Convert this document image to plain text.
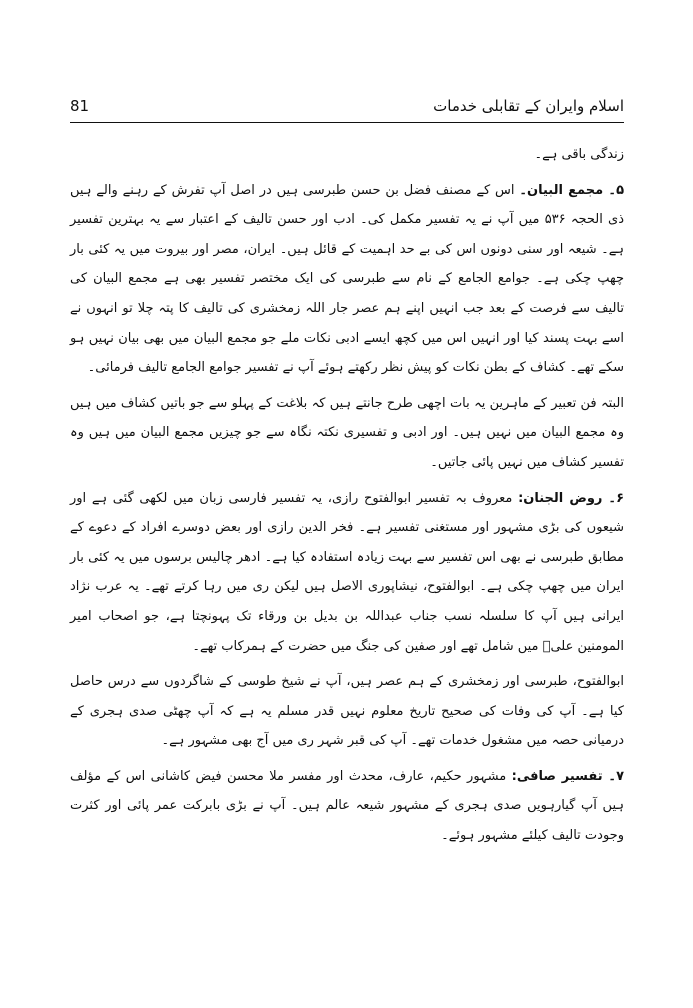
اسلام وایران کے تقابلی خدمات
81

زندگی باقی ہے۔

۵۔ مجمع البیان۔ اس کے مصنف فضل بن حسن طبرسی ہیں در اصل آپ تفرش کے رہنے والے ہیں ذی الحجہ ۵۳۶ میں آپ نے یہ تفسیر مکمل کی۔ ادب اور حسن تالیف کے اعتبار سے یہ بہترین تفسیر ہے۔ شیعہ اور سنی دونوں اس کی بے حد اہمیت کے قائل ہیں۔ ایران، مصر اور بیروت میں یہ کئی بار چھپ چکی ہے۔ جوامع الجامع کے نام سے طبرسی کی ایک مختصر تفسیر بھی ہے مجمع البیان کی تالیف سے فرصت کے بعد جب انہیں اپنے ہم عصر جار اللہ زمخشری کی تالیف کا پتہ چلا تو انہوں نے اسے بہت پسند کیا اور انہیں اس میں کچھ ایسے ادبی نکات ملے جو مجمع البیان میں بھی بیان نہیں ہو سکے تھے۔ کشاف کے بطن نکات کو پیش نظر رکھتے ہوئے آپ نے تفسیر جوامع الجامع تالیف فرمائی۔

البتہ فن تعبیر کے ماہرین یہ بات اچھی طرح جانتے ہیں کہ بلاغت کے پہلو سے جو باتیں کشاف میں ہیں وہ مجمع البیان میں نہیں ہیں۔ اور ادبی و تفسیری نکتہ نگاہ سے جو چیزیں مجمع البیان میں ہیں وہ تفسیر کشاف میں نہیں پائی جاتیں۔

۶۔ روض الجنان: معروف بہ تفسیر ابوالفتوح رازی، یہ تفسیر فارسی زبان میں لکھی گئی ہے اور شیعوں کی بڑی مشہور اور مستغنی تفسیر ہے۔ فخر الدین رازی اور بعض دوسرے افراد کے دعوے کے مطابق طبرسی نے بھی اس تفسیر سے بہت زیادہ استفادہ کیا ہے۔ ادھر چالیس برسوں میں یہ کئی بار ایران میں چھپ چکی ہے۔ ابوالفتوح، نیشاپوری الاصل ہیں لیکن ری میں رہا کرتے تھے۔ یہ عرب نژاد ایرانی ہیں آپ کا سلسلہ نسب جناب عبداللہ بن بدیل بن ورقاء تک پہونچتا ہے، جو اصحاب امیر المومنین علیؑ میں شامل تھے اور صفین کی جنگ میں حضرت کے ہمرکاب تھے۔

ابوالفتوح، طبرسی اور زمخشری کے ہم عصر ہیں، آپ نے شیخ طوسی کے شاگردوں سے درس حاصل کیا ہے۔ آپ کی وفات کی صحیح تاریخ معلوم نہیں قدر مسلم یہ ہے کہ آپ چھٹی صدی ہجری کے درمیانی حصہ میں مشغول خدمات تھے۔ آپ کی قبر شہر ری میں آج بھی مشہور ہے۔

۷۔ تفسیر صافی: مشہور حکیم، عارف، محدث اور مفسر ملا محسن فیض کاشانی اس کے مؤلف ہیں آپ گیارہویں صدی ہجری کے مشہور شیعہ عالم ہیں۔ آپ نے بڑی بابرکت عمر پائی اور کثرت وجودت تالیف کیلئے مشہور ہوئے۔
